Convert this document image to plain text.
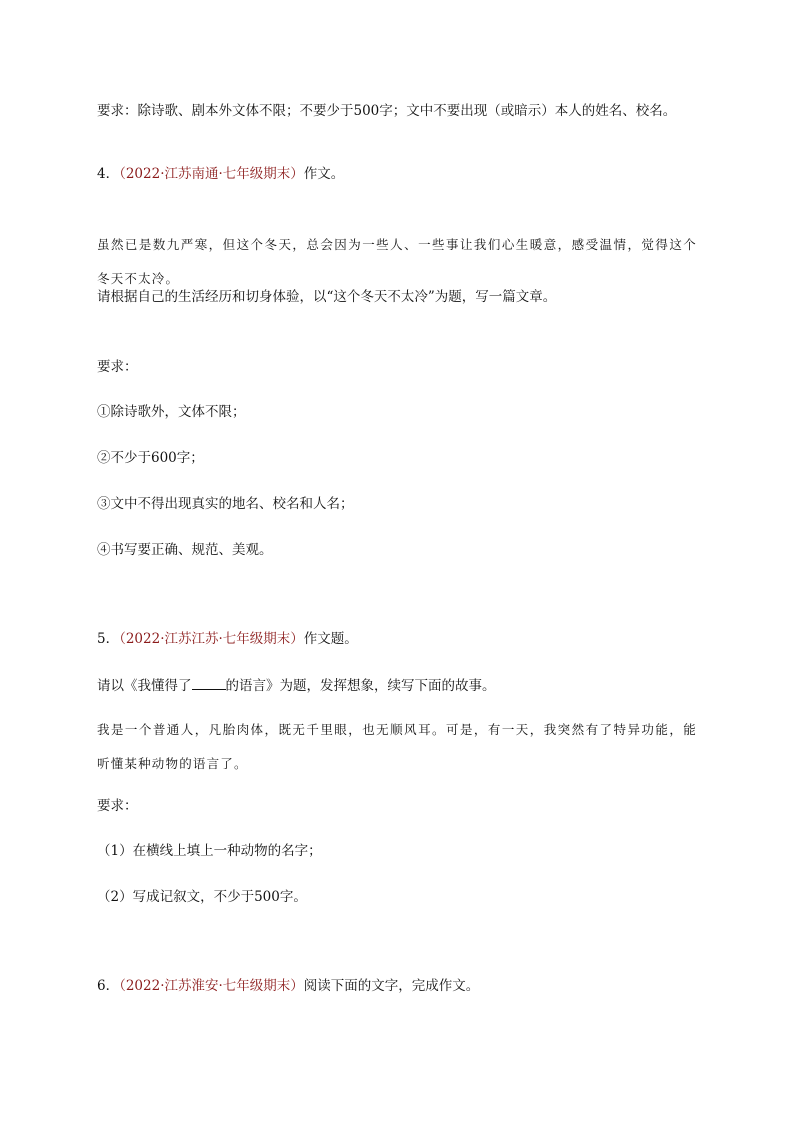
要求：除诗歌、剧本外文体不限；不要少于500字；文中不要出现（或暗示）本人的姓名、校名。
4．（2022·江苏南通·七年级期末）作文。
虽然已是数九严寒，但这个冬天，总会因为一些人、一些事让我们心生暖意，感受温情，觉得这个冬天不太冷。
请根据自己的生活经历和切身体验，以“这个冬天不太冷”为题，写一篇文章。
要求：
①除诗歌外，文体不限；
②不少于600字；
③文中不得出现真实的地名、校名和人名；
④书写要正确、规范、美观。
5．（2022·江苏江苏·七年级期末）作文题。
请以《我懂得了	的语言》为题，发挥想象，续写下面的故事。
我是一个普通人，凡胎肉体，既无千里眼，也无顺风耳。可是，有一天，我突然有了特异功能，能听懂某种动物的语言了。
要求：
（1）在横线上填上一种动物的名字；
（2）写成记叙文，不少于500字。
6．（2022·江苏淮安·七年级期末）阅读下面的文字，完成作文。
